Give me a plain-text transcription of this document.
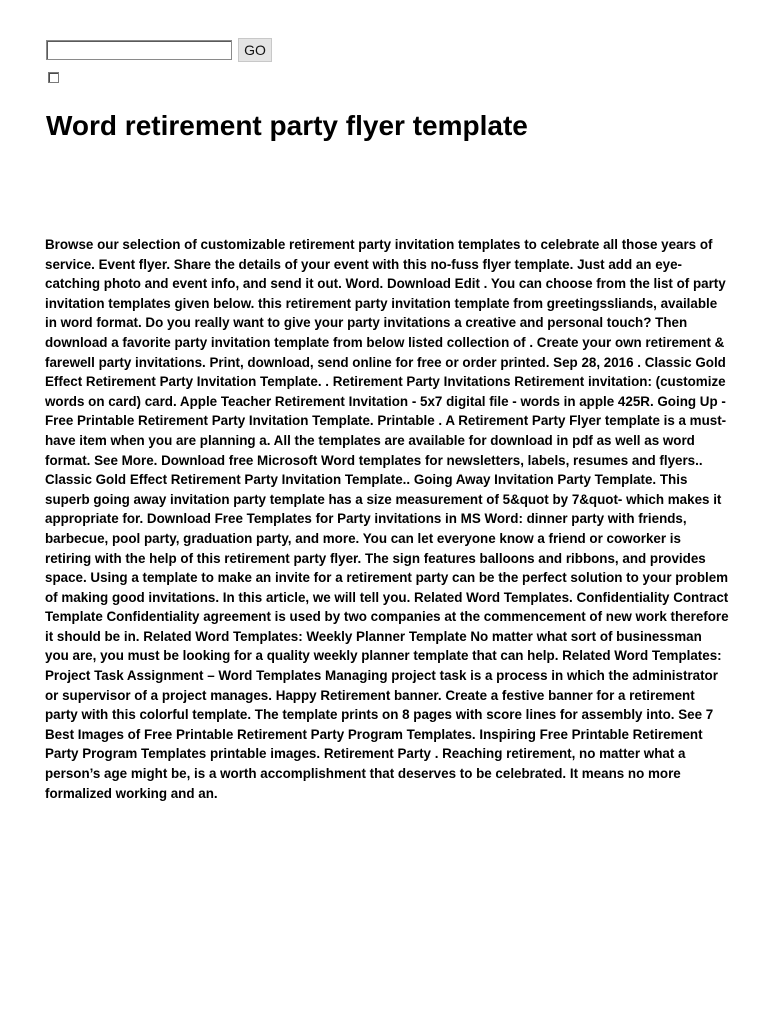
GO
Word retirement party flyer template

Browse our selection of customizable retirement party invitation templates to celebrate all those years of service. Event flyer. Share the details of your event with this no-fuss flyer template. Just add an eye-catching photo and event info, and send it out. Word. Download Edit . You can choose from the list of party invitation templates given below. this retirement party invitation template from greetingssliands, available in word format. Do you really want to give your party invitations a creative and personal touch? Then download a favorite party invitation template from below listed collection of . Create your own retirement & farewell party invitations. Print, download, send online for free or order printed. Sep 28, 2016 . Classic Gold Effect Retirement Party Invitation Template. . Retirement Party Invitations Retirement invitation: (customize words on card) card. Apple Teacher Retirement Invitation - 5x7 digital file - words in apple 425R. Going Up - Free Printable Retirement Party Invitation Template. Printable . A Retirement Party Flyer template is a must-have item when you are planning a. All the templates are available for download in pdf as well as word format. See More. Download free Microsoft Word templates for newsletters, labels, resumes and flyers.. Classic Gold Effect Retirement Party Invitation Template.. Going Away Invitation Party Template. This superb going away invitation party template has a size measurement of 5&quot by 7&quot- which makes it appropriate for. Download Free Templates for Party invitations in MS Word: dinner party with friends, barbecue, pool party, graduation party, and more. You can let everyone know a friend or coworker is retiring with the help of this retirement party flyer. The sign features balloons and ribbons, and provides space. Using a template to make an invite for a retirement party can be the perfect solution to your problem of making good invitations. In this article, we will tell you. Related Word Templates. Confidentiality Contract Template Confidentiality agreement is used by two companies at the commencement of new work therefore it should be in. Related Word Templates: Weekly Planner Template No matter what sort of businessman you are, you must be looking for a quality weekly planner template that can help. Related Word Templates: Project Task Assignment – Word Templates Managing project task is a process in which the administrator or supervisor of a project manages. Happy Retirement banner. Create a festive banner for a retirement party with this colorful template. The template prints on 8 pages with score lines for assembly into. See 7 Best Images of Free Printable Retirement Party Program Templates. Inspiring Free Printable Retirement Party Program Templates printable images. Retirement Party . Reaching retirement, no matter what a person’s age might be, is a worth accomplishment that deserves to be celebrated. It means no more formalized working and an.
